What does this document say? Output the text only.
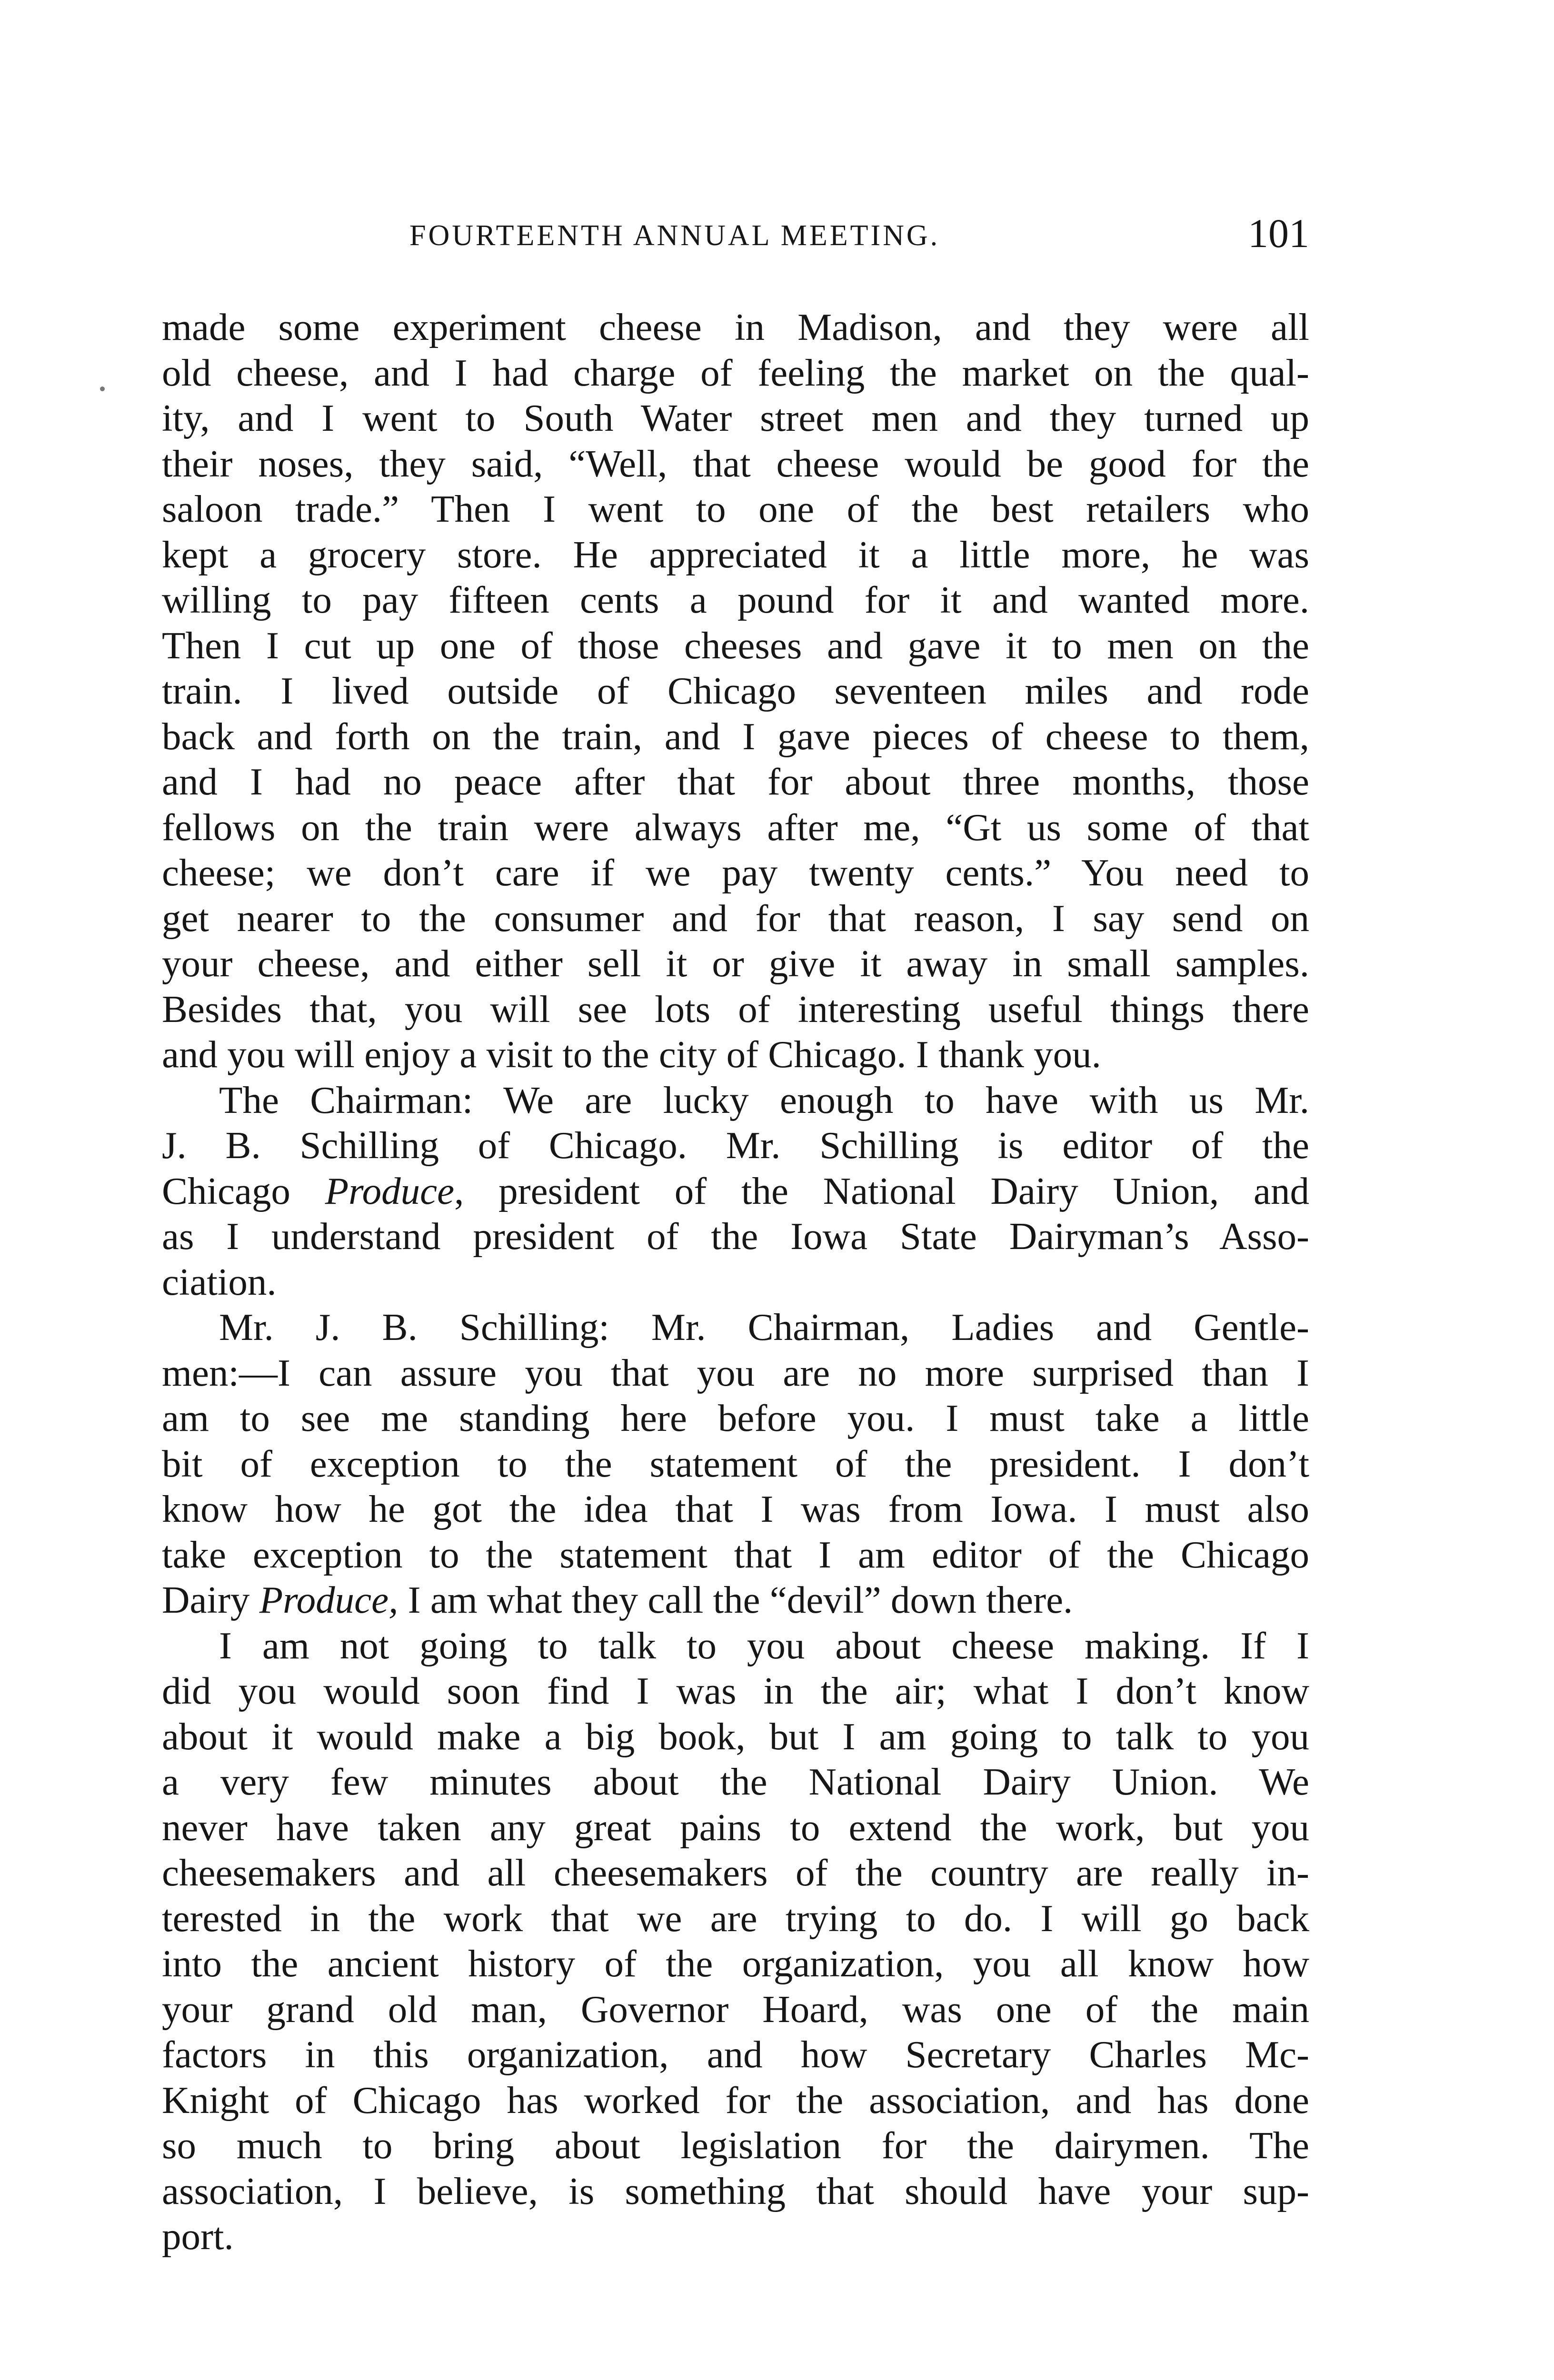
FOURTEENTH ANNUAL MEETING.	101
made some experiment cheese in Madison, and they were all
old cheese, and I had charge of feeling the market on the qual-
ity, and I went to South Water street men and they turned up
their noses, they said, “Well, that cheese would be good for the
saloon trade.” Then I went to one of the best retailers who
kept a grocery store. He appreciated it a little more, he was
willing to pay fifteen cents a pound for it and wanted more.
Then I cut up one of those cheeses and gave it to men on the
train. I lived outside of Chicago seventeen miles and rode
back and forth on the train, and I gave pieces of cheese to them,
and I had no peace after that for about three months, those
fellows on the train were always after me, “Gt us some of that
cheese; we don’t care if we pay twenty cents.” You need to
get nearer to the consumer and for that reason, I say send on
your cheese, and either sell it or give it away in small samples.
Besides that, you will see lots of interesting useful things there
and you will enjoy a visit to the city of Chicago. I thank you.
The Chairman: We are lucky enough to have with us Mr.
J. B. Schilling of Chicago. Mr. Schilling is editor of the
Chicago Produce, president of the National Dairy Union, and
as I understand president of the Iowa State Dairyman’s Asso-
ciation.
Mr. J. B. Schilling: Mr. Chairman, Ladies and Gentle-
men:—I can assure you that you are no more surprised than I
am to see me standing here before you. I must take a little
bit of exception to the statement of the president. I don’t
know how he got the idea that I was from Iowa. I must also
take exception to the statement that I am editor of the Chicago
Dairy Produce, I am what they call the “devil” down there.
I am not going to talk to you about cheese making. If I
did you would soon find I was in the air; what I don’t know
about it would make a big book, but I am going to talk to you
a very few minutes about the National Dairy Union. We
never have taken any great pains to extend the work, but you
cheesemakers and all cheesemakers of the country are really in-
terested in the work that we are trying to do. I will go back
into the ancient history of the organization, you all know how
your grand old man, Governor Hoard, was one of the main
factors in this organization, and how Secretary Charles Mc-
Knight of Chicago has worked for the association, and has done
so much to bring about legislation for the dairymen. The
association, I believe, is something that should have your sup-
port.
